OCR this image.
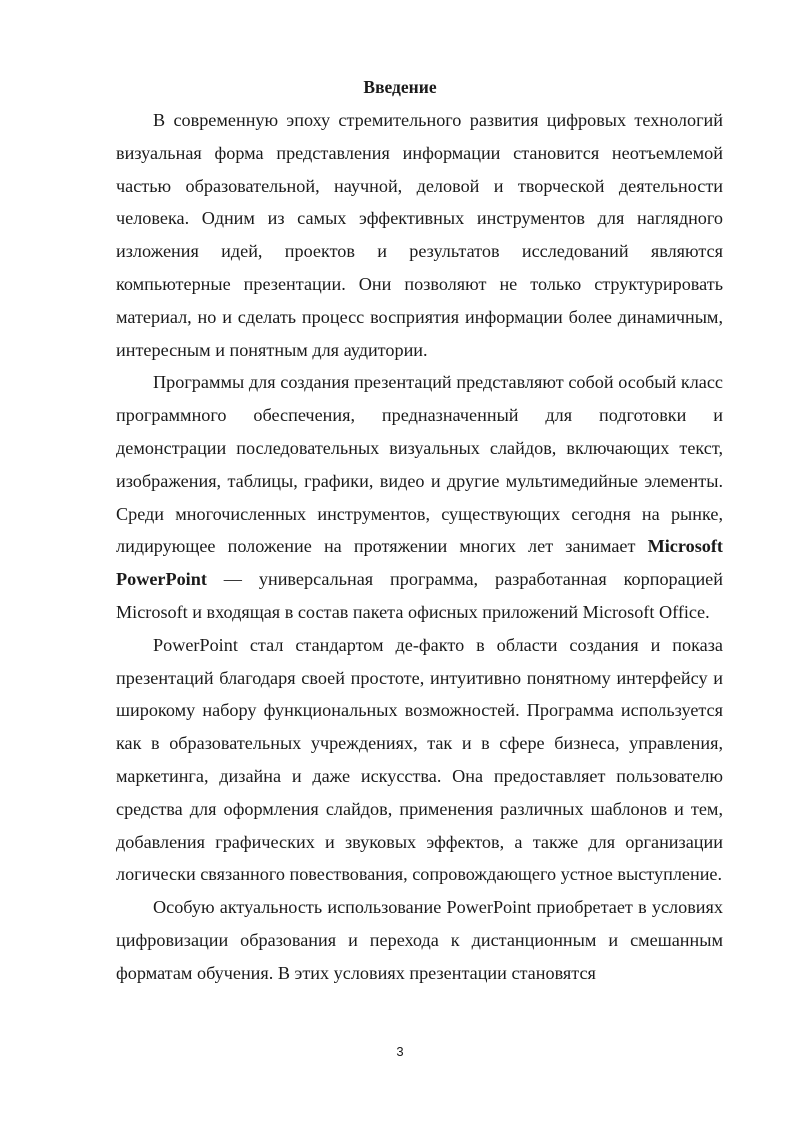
Введение

В современную эпоху стремительного развития цифровых технологий визуальная форма представления информации становится неотъемлемой частью образовательной, научной, деловой и творческой деятельности человека. Одним из самых эффективных инструментов для наглядного изложения идей, проектов и результатов исследований являются компьютерные презентации. Они позволяют не только структурировать материал, но и сделать процесс восприятия информации более динамичным, интересным и понятным для аудитории.

Программы для создания презентаций представляют собой особый класс программного обеспечения, предназначенный для подготовки и демонстрации последовательных визуальных слайдов, включающих текст, изображения, таблицы, графики, видео и другие мультимедийные элементы. Среди многочисленных инструментов, существующих сегодня на рынке, лидирующее положение на протяжении многих лет занимает Microsoft PowerPoint — универсальная программа, разработанная корпорацией Microsoft и входящая в состав пакета офисных приложений Microsoft Office.

PowerPoint стал стандартом де-факто в области создания и показа презентаций благодаря своей простоте, интуитивно понятному интерфейсу и широкому набору функциональных возможностей. Программа используется как в образовательных учреждениях, так и в сфере бизнеса, управления, маркетинга, дизайна и даже искусства. Она предоставляет пользователю средства для оформления слайдов, применения различных шаблонов и тем, добавления графических и звуковых эффектов, а также для организации логически связанного повествования, сопровождающего устное выступление.

Особую актуальность использование PowerPoint приобретает в условиях цифровизации образования и перехода к дистанционным и смешанным форматам обучения. В этих условиях презентации становятся

3
